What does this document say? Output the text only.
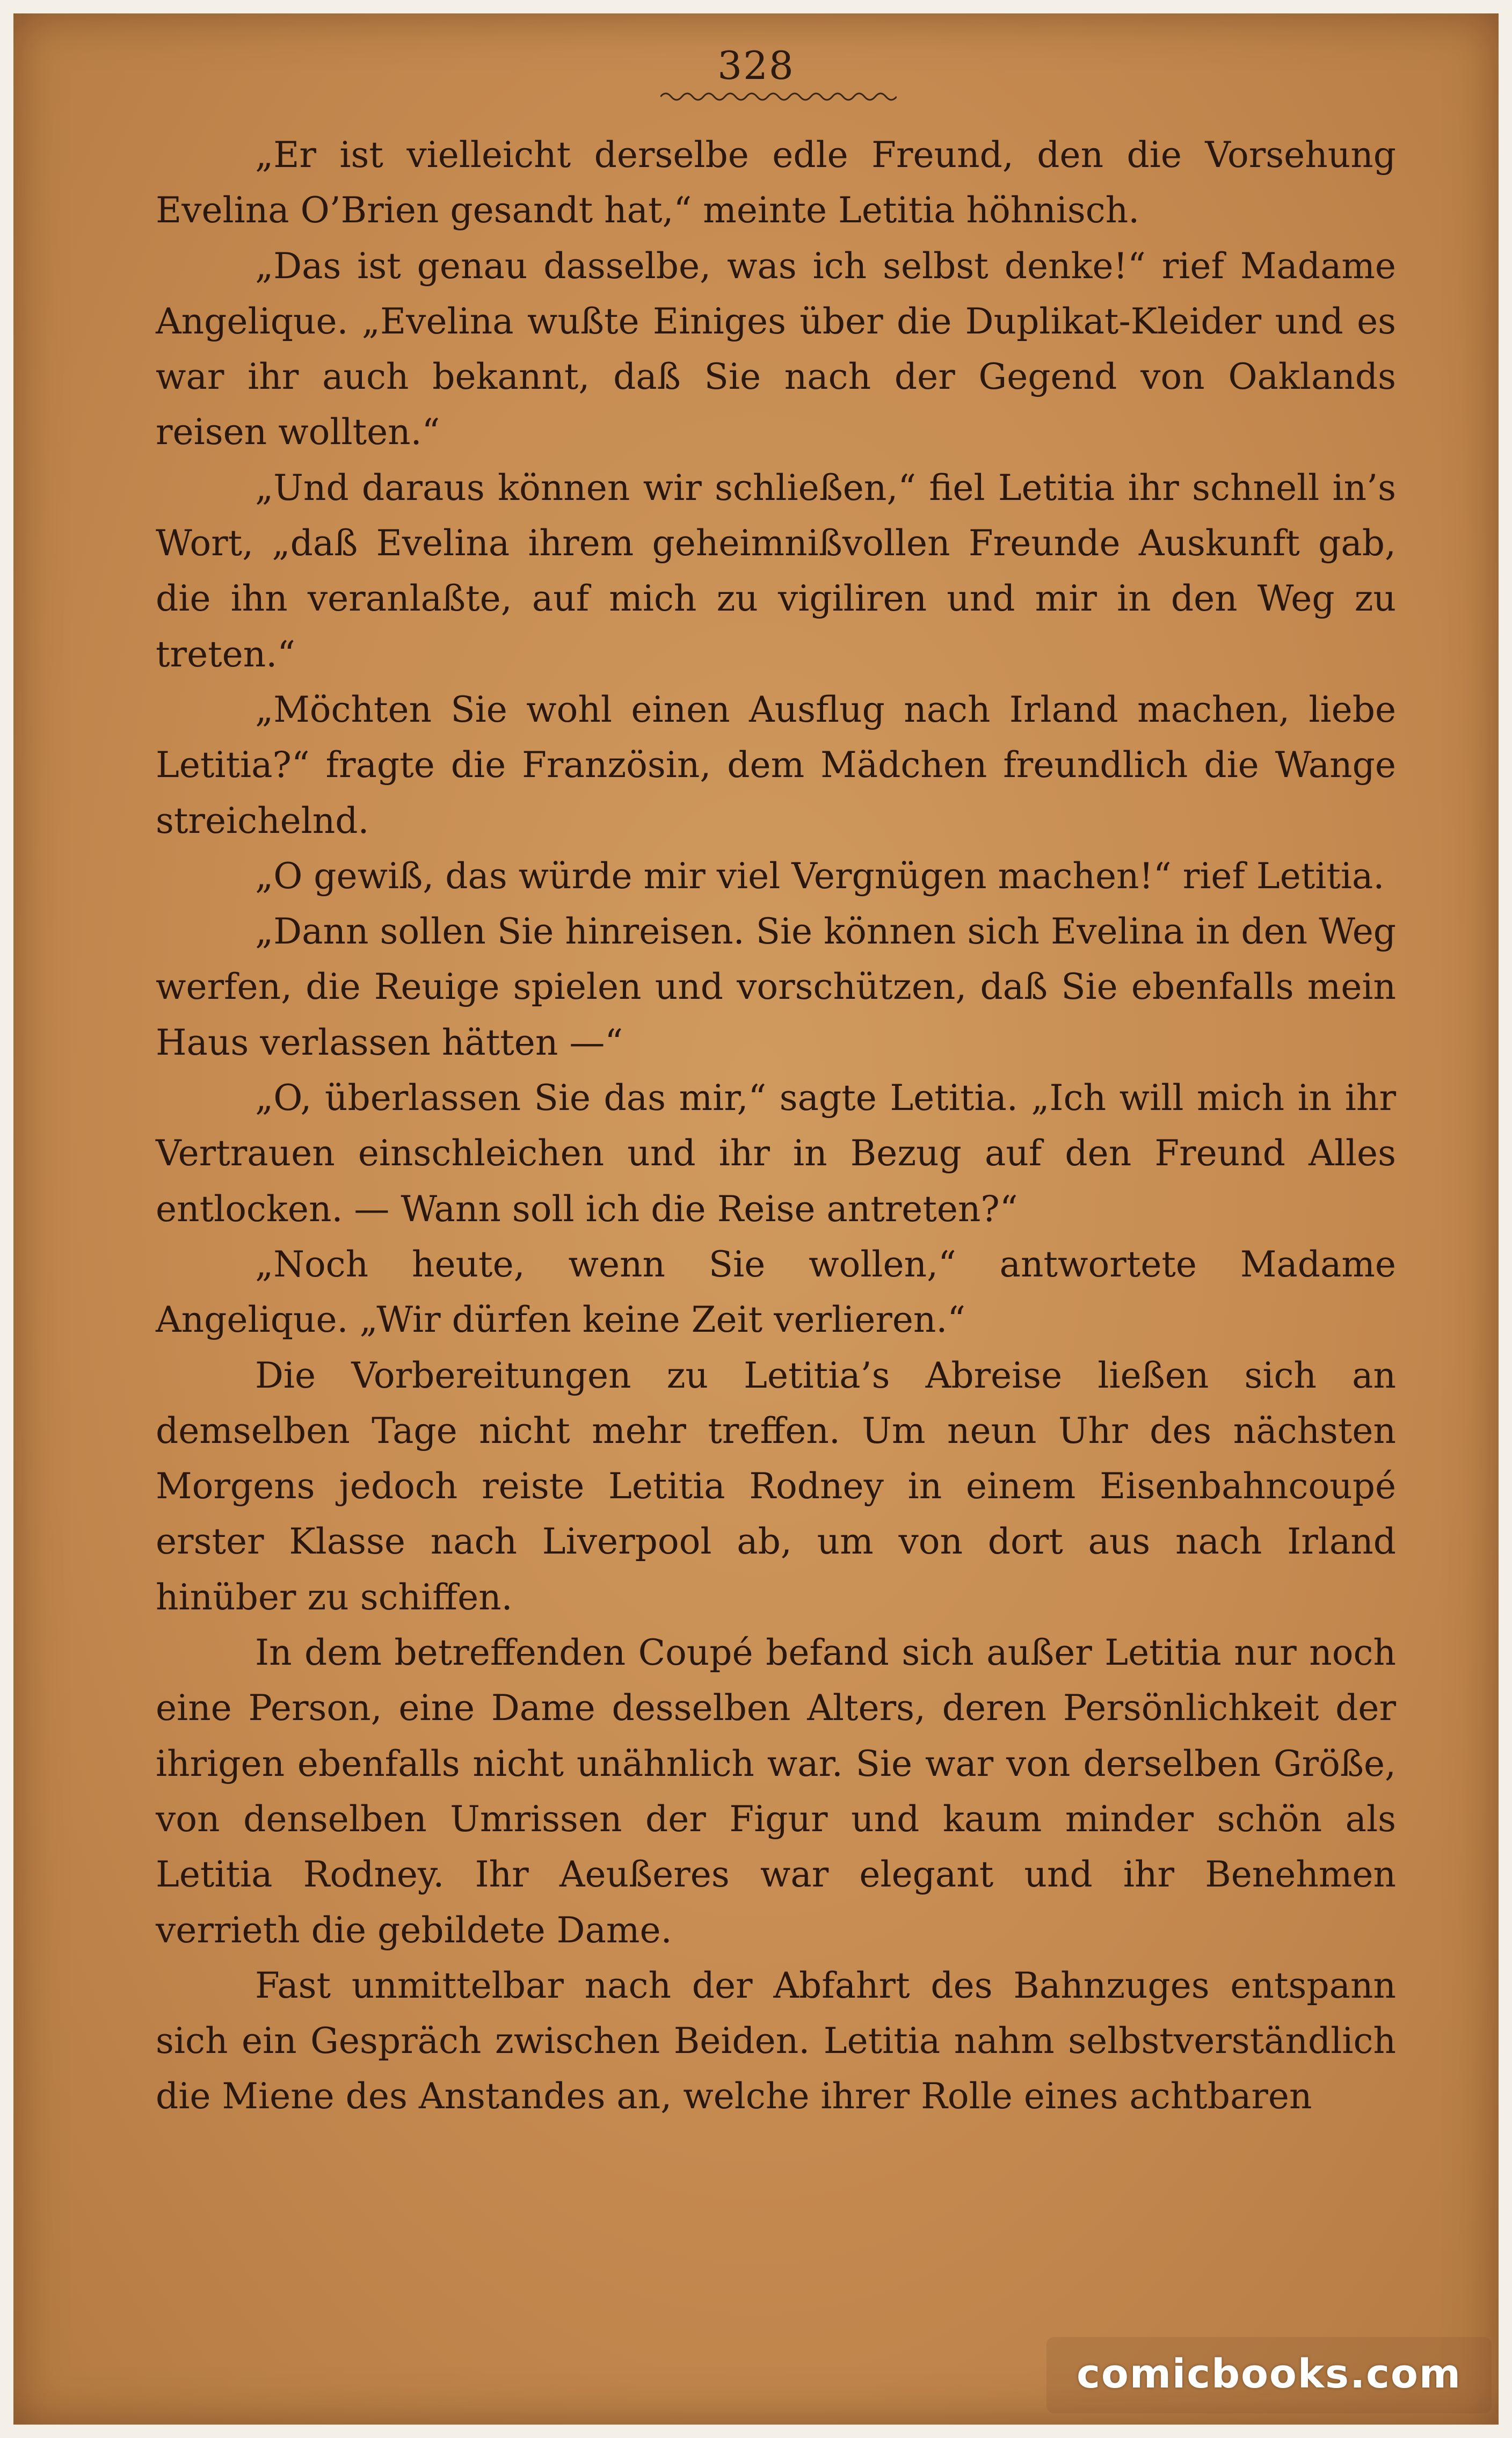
328

„Er ist vielleicht derselbe edle Freund, den die Vorsehung Evelina O’Brien gesandt hat,“ meinte Letitia höhnisch.

„Das ist genau dasselbe, was ich selbst denke!“ rief Madame Angelique. „Evelina wußte Einiges über die Duplikat-Kleider und es war ihr auch bekannt, daß Sie nach der Gegend von Oaklands reisen wollten.“

„Und daraus können wir schließen,“ fiel Letitia ihr schnell in’s Wort, „daß Evelina ihrem geheimnißvollen Freunde Auskunft gab, die ihn veranlaßte, auf mich zu vigiliren und mir in den Weg zu treten.“

„Möchten Sie wohl einen Ausflug nach Irland machen, liebe Letitia?“ fragte die Französin, dem Mädchen freundlich die Wange streichelnd.

„O gewiß, das würde mir viel Vergnügen machen!“ rief Letitia.

„Dann sollen Sie hinreisen. Sie können sich Evelina in den Weg werfen, die Reuige spielen und vorschützen, daß Sie ebenfalls mein Haus verlassen hätten —“

„O, überlassen Sie das mir,“ sagte Letitia. „Ich will mich in ihr Vertrauen einschleichen und ihr in Bezug auf den Freund Alles entlocken. — Wann soll ich die Reise antreten?“

„Noch heute, wenn Sie wollen,“ antwortete Madame Angelique. „Wir dürfen keine Zeit verlieren.“

Die Vorbereitungen zu Letitia’s Abreise ließen sich an demselben Tage nicht mehr treffen. Um neun Uhr des nächsten Morgens jedoch reiste Letitia Rodney in einem Eisenbahncoupé erster Klasse nach Liverpool ab, um von dort aus nach Irland hinüber zu schiffen.

In dem betreffenden Coupé befand sich außer Letitia nur noch eine Person, eine Dame desselben Alters, deren Persönlichkeit der ihrigen ebenfalls nicht unähnlich war. Sie war von derselben Größe, von denselben Umrissen der Figur und kaum minder schön als Letitia Rodney. Ihr Aeußeres war elegant und ihr Benehmen verrieth die gebildete Dame.

Fast unmittelbar nach der Abfahrt des Bahnzuges entspann sich ein Gespräch zwischen Beiden. Letitia nahm selbstverständlich die Miene des Anstandes an, welche ihrer Rolle eines achtbaren

comicbooks.com
